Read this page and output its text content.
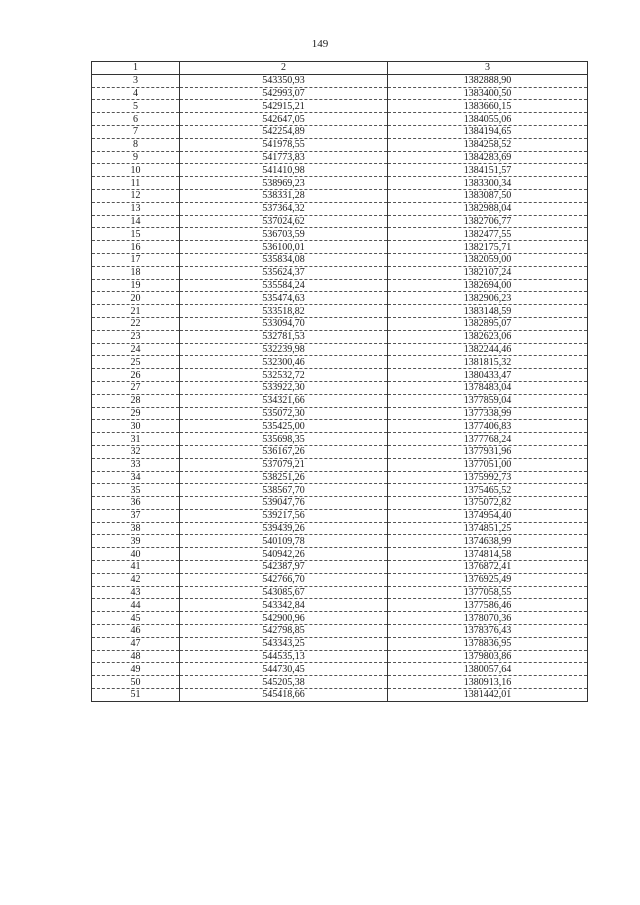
149
1	2	3
3	543350,93	1382888,90
4	542993,07	1383400,50
5	542915,21	1383660,15
6	542647,05	1384055,06
7	542254,89	1384194,65
8	541978,55	1384258,52
9	541773,83	1384283,69
10	541410,98	1384151,57
11	538969,23	1383300,34
12	538331,28	1383087,50
13	537364,32	1382988,04
14	537024,62	1382706,77
15	536703,59	1382477,55
16	536100,01	1382175,71
17	535834,08	1382059,00
18	535624,37	1382107,24
19	535584,24	1382694,00
20	535474,63	1382906,23
21	533518,82	1383148,59
22	533094,70	1382895,07
23	532781,53	1382623,06
24	532239,98	1382244,46
25	532300,46	1381815,32
26	532532,72	1380433,47
27	533922,30	1378483,04
28	534321,66	1377859,04
29	535072,30	1377338,99
30	535425,00	1377406,83
31	535698,35	1377768,24
32	536167,26	1377931,96
33	537079,21	1377051,00
34	538251,26	1375992,73
35	538567,70	1375465,52
36	539047,76	1375072,82
37	539217,56	1374954,40
38	539439,26	1374851,25
39	540109,78	1374638,99
40	540942,26	1374814,58
41	542387,97	1376872,41
42	542766,70	1376925,49
43	543085,67	1377058,55
44	543342,84	1377586,46
45	542900,96	1378070,36
46	542798,85	1378376,43
47	543343,25	1378836,95
48	544535,13	1379803,86
49	544730,45	1380057,64
50	545205,38	1380913,16
51	545418,66	1381442,01
